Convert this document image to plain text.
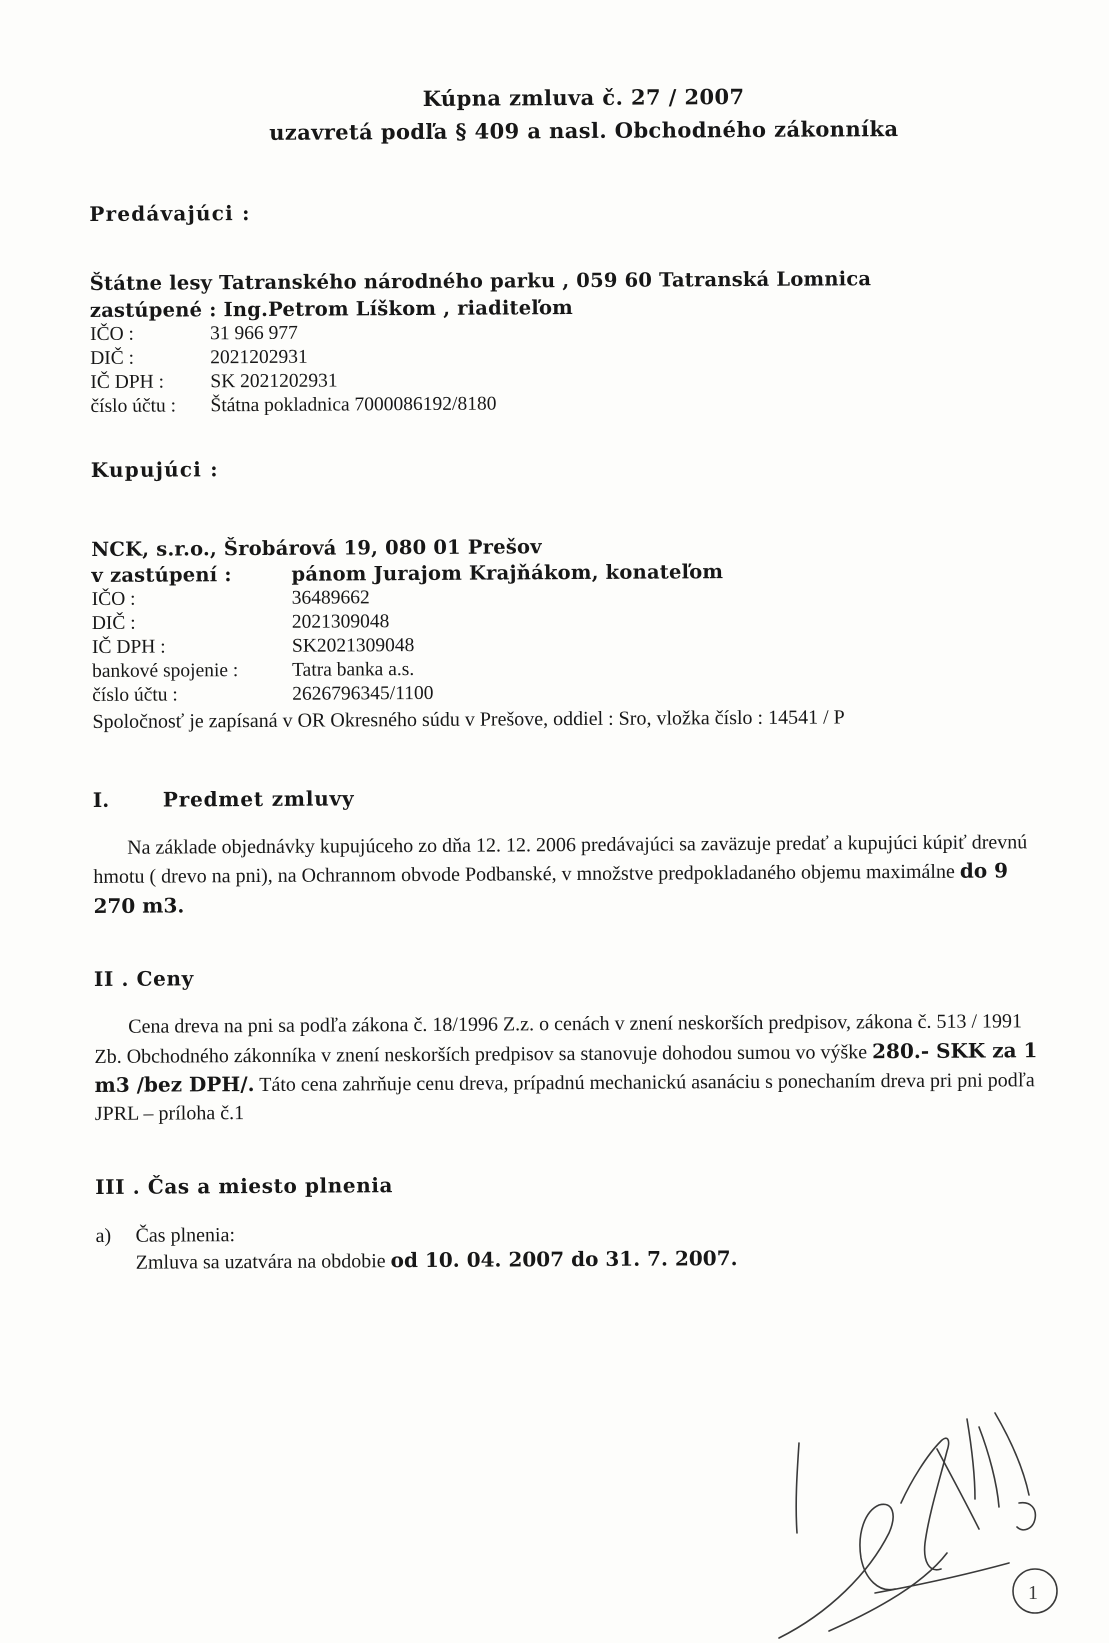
Kúpna zmluva č. 27 / 2007
uzavretá podľa § 409 a nasl. Obchodného zákonníka
Predávajúci :
Štátne lesy Tatranského národného parku , 059 60 Tatranská Lomnica
zastúpené : Ing.Petrom Líškom , riaditeľom
IČO :	31 966 977
DIČ :	2021202931
IČ DPH :	SK 2021202931
číslo účtu :	Štátna pokladnica 7000086192/8180
Kupujúci :
NCK, s.r.o., Šrobárová 19, 080 01 Prešov
v zastúpení :	pánom Jurajom Krajňákom, konateľom
IČO :	36489662
DIČ :	2021309048
IČ DPH :	SK2021309048
bankové spojenie :	Tatra banka a.s.
číslo účtu :	2626796345/1100
Spoločnosť je zapísaná v OR Okresného súdu v Prešove, oddiel : Sro, vložka číslo : 14541 / P
I.	Predmet zmluvy
Na základe objednávky kupujúceho zo dňa 12. 12. 2006 predávajúci sa zaväzuje predať a kupujúci kúpiť drevnú hmotu ( drevo na pni), na Ochrannom obvode Podbanské, v množstve predpokladaného objemu maximálne do 9 270 m3.
II . Ceny
Cena dreva na pni sa podľa zákona č. 18/1996 Z.z. o cenách v znení neskorších predpisov, zákona č. 513 / 1991 Zb. Obchodného zákonníka v znení neskorších predpisov sa stanovuje dohodou sumou vo výške 280.- SKK za 1 m3 /bez DPH/. Táto cena zahrňuje cenu dreva, prípadnú mechanickú asanáciu s ponechaním dreva pri pni podľa JPRL – príloha č.1
III . Čas a miesto plnenia
a)	Čas plnenia:
Zmluva sa uzatvára na obdobie od 10. 04. 2007 do 31. 7. 2007.
1
